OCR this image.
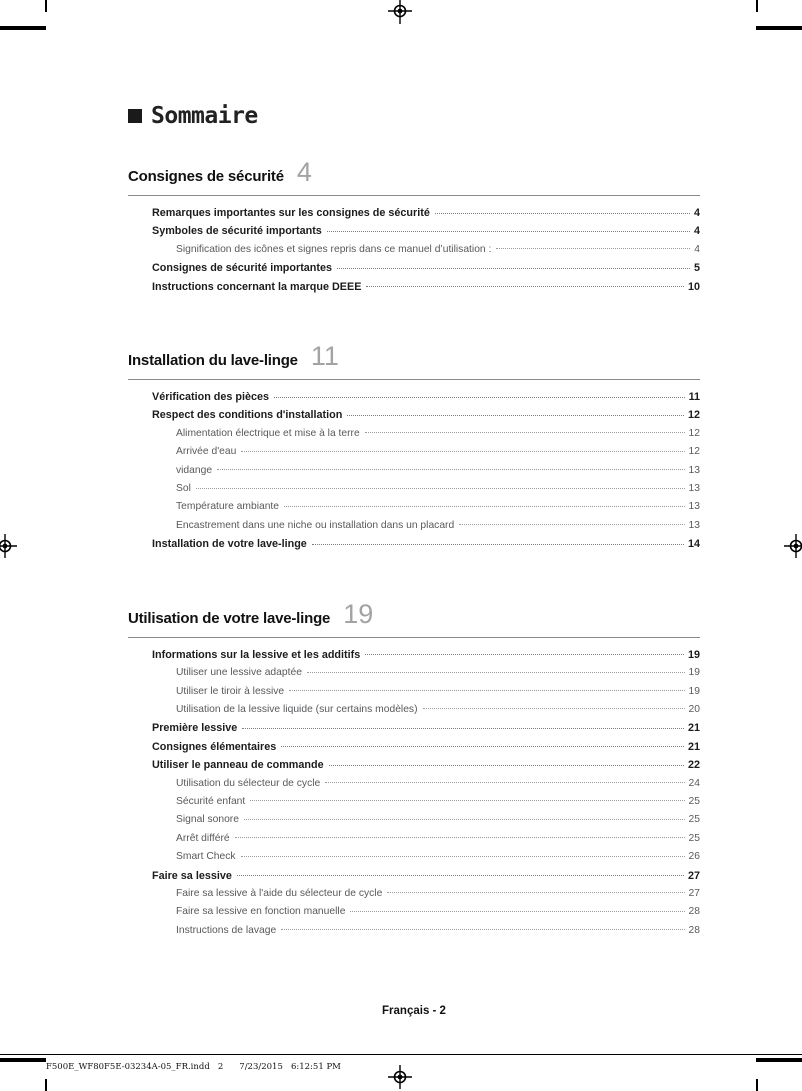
Sommaire
Consignes de sécurité 4
Remarques importantes sur les consignes de sécurité	4
Symboles de sécurité importants	4
Signification des icônes et signes repris dans ce manuel d’utilisation :	4
Consignes de sécurité importantes	5
Instructions concernant la marque DEEE	10
Installation du lave-linge 11
Vérification des pièces	11
Respect des conditions d'installation	12
Alimentation électrique et mise à la terre	12
Arrivée d'eau	12
vidange	13
Sol	13
Température ambiante	13
Encastrement dans une niche ou installation dans un placard	13
Installation de votre lave-linge	14
Utilisation de votre lave-linge 19
Informations sur la lessive et les additifs	19
Utiliser une lessive adaptée	19
Utiliser le tiroir à lessive	19
Utilisation de la lessive liquide (sur certains modèles)	20
Première lessive	21
Consignes élémentaires	21
Utiliser le panneau de commande	22
Utilisation du sélecteur de cycle	24
Sécurité enfant	25
Signal sonore	25
Arrêt différé	25
Smart Check	26
Faire sa lessive	27
Faire sa lessive à l'aide du sélecteur de cycle	27
Faire sa lessive en fonction manuelle	28
Instructions de lavage	28
Français - 2
F500E_WF80F5E-03234A-05_FR.indd   2 7/23/2015   6:12:51 PM
